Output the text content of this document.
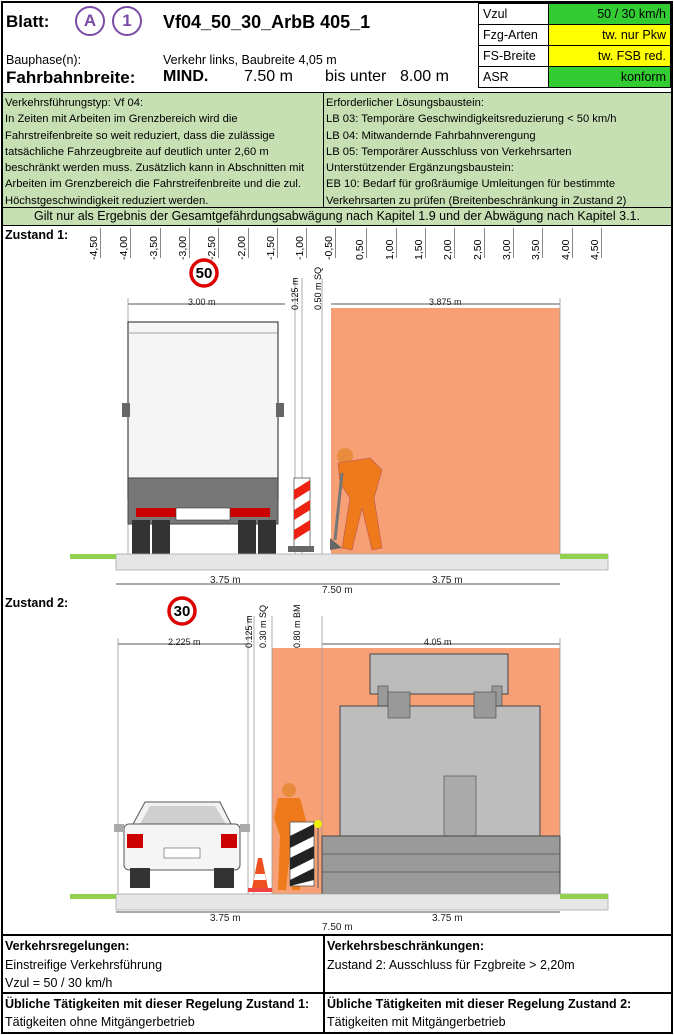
Blatt:	A	1	Vf04_50_30_ArbB 405_1
Bauphase(n):	Verkehr links, Baubreite 4,05 m
Fahrbahnbreite: MIND. 7.50 m bis unter 8.00 m
Vzul	50 / 30 km/h
Fzg-Arten	tw. nur Pkw
FS-Breite	tw. FSB red.
ASR	konform
Verkehrsführungstyp: Vf 04:
In Zeiten mit Arbeiten im Grenzbereich wird die
Fahrstreifenbreite so weit reduziert, dass die zulässige
tatsächliche Fahrzeugbreite auf deutlich unter 2,60 m
beschränkt werden muss. Zusätzlich kann in Abschnitten mit
Arbeiten im Grenzbereich die Fahrstreifenbreite und die zul.
Höchstgeschwindigkeit reduziert werden.
Erforderlicher Lösungsbaustein:
LB 03: Temporäre Geschwindigkeitsreduzierung < 50 km/h
LB 04: Mitwandernde Fahrbahnverengung
LB 05: Temporärer Ausschluss von Verkehrsarten
Unterstützender Ergänzungsbaustein:
EB 10: Bedarf für großräumige Umleitungen für bestimmte
Verkehrsarten zu prüfen (Breitenbeschränkung in Zustand 2)
Gilt nur als Ergebnis der Gesamtgefährdungsabwägung nach Kapitel 1.9 und der Abwägung nach Kapitel 3.1.
Zustand 1:
-4,50 -4,00 -3,50 -3,00 -2,50 -2,00 -1,50 -1,00 -0,50 0,50 1,00 1,50 2,00 2,50 3,00 3,50 4,00 4,50
3.00 m	3.875 m
0.125 m 0.50 m SQ
50
3.75 m	3.75 m
7.50 m
Zustand 2:
2.225 m	4.05 m
0.125 m 0.30 m SQ	0.80 m BM
30
3.75 m	3.75 m
7.50 m
Verkehrsregelungen:
Einstreifige Verkehrsführung
Vzul = 50 / 30 km/h
Verkehrsbeschränkungen:
Zustand 2: Ausschluss für Fzgbreite > 2,20m
Übliche Tätigkeiten mit dieser Regelung Zustand 1:
Tätigkeiten ohne Mitgängerbetrieb
Übliche Tätigkeiten mit dieser Regelung Zustand 2:
Tätigkeiten mit Mitgängerbetrieb
